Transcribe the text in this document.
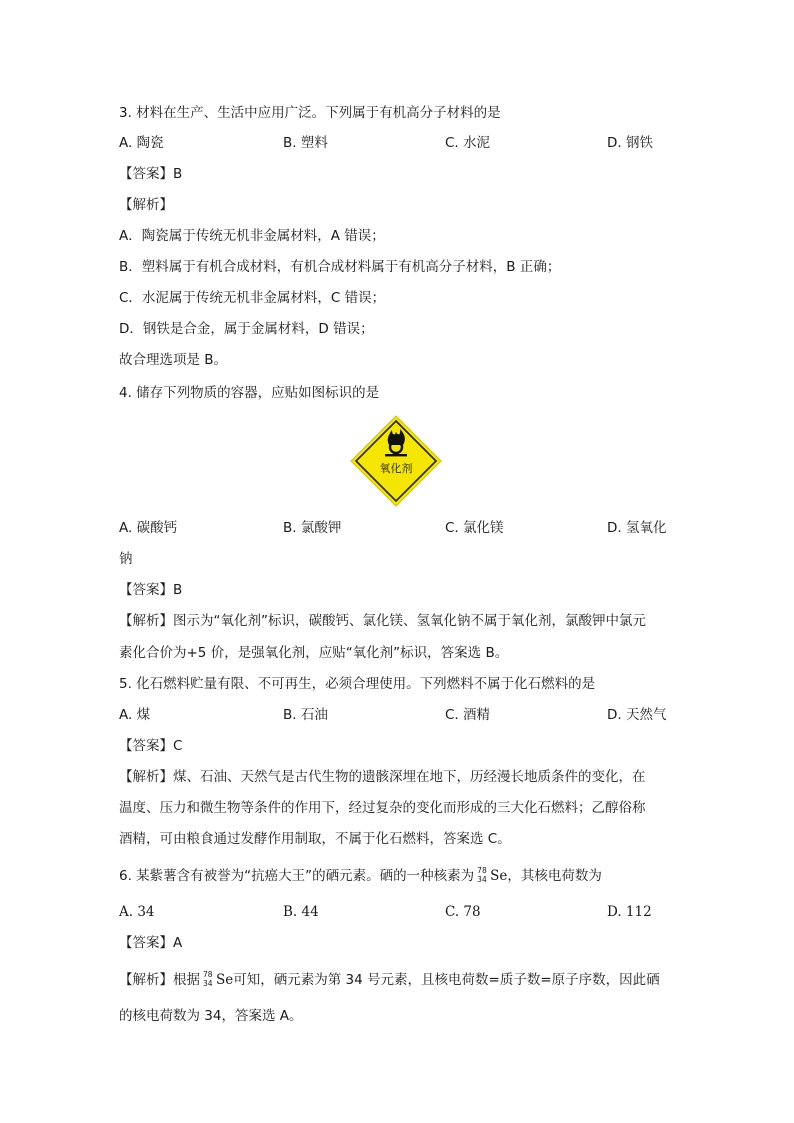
3. 材料在生产、生活中应用广泛。下列属于有机高分子材料的是
A. 陶瓷	B. 塑料	C. 水泥	D. 钢铁
【答案】B
【解析】
A．陶瓷属于传统无机非金属材料，A 错误；
B．塑料属于有机合成材料，有机合成材料属于有机高分子材料，B 正确；
C．水泥属于传统无机非金属材料，C 错误；
D．钢铁是合金，属于金属材料，D 错误；
故合理选项是 B。
4. 储存下列物质的容器，应贴如图标识的是
氧化剂
A. 碳酸钙	B. 氯酸钾	C. 氯化镁	D. 氢氧化
钠
【答案】B
【解析】图示为“氧化剂”标识，碳酸钙、氯化镁、氢氧化钠不属于氧化剂，氯酸钾中氯元
素化合价为+5 价，是强氧化剂，应贴“氧化剂”标识，答案选 B。
5. 化石燃料贮量有限、不可再生，必须合理使用。下列燃料不属于化石燃料的是
A. 煤	B. 石油	C. 酒精	D. 天然气
【答案】C
【解析】煤、石油、天然气是古代生物的遗骸深埋在地下，历经漫长地质条件的变化，在
温度、压力和微生物等条件的作用下，经过复杂的变化而形成的三大化石燃料；乙醇俗称
酒精，可由粮食通过发酵作用制取，不属于化石燃料，答案选 C。
6. 某紫薯含有被誉为“抗癌大王”的硒元素。硒的一种核素为 78
34 Se，其核电荷数为
A. 34	B. 44	C. 78	D. 112
【答案】A
【解析】根据 78
34 Se可知，硒元素为第 34 号元素，且核电荷数=质子数=原子序数，因此硒
的核电荷数为 34，答案选 A。
